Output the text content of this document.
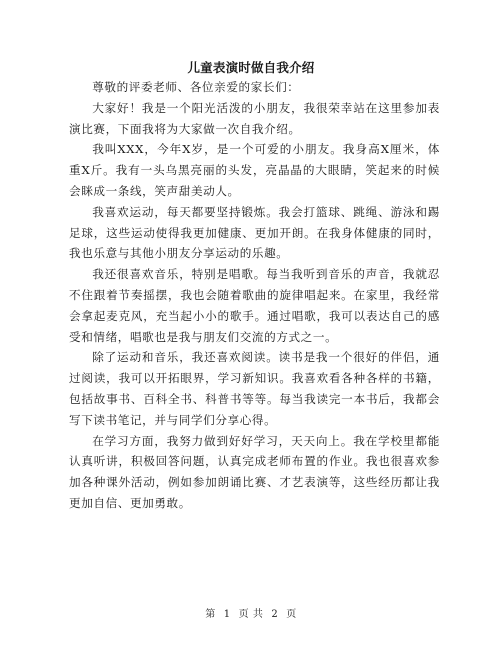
儿童表演时做自我介绍

尊敬的评委老师、各位亲爱的家长们：

大家好！我是一个阳光活泼的小朋友，我很荣幸站在这里参加表演比赛，下面我将为大家做一次自我介绍。

我叫XXX，今年X岁，是一个可爱的小朋友。我身高X厘米，体重X斤。我有一头乌黑亮丽的头发，亮晶晶的大眼睛，笑起来的时候会眯成一条线，笑声甜美动人。

我喜欢运动，每天都要坚持锻炼。我会打篮球、跳绳、游泳和踢足球，这些运动使得我更加健康、更加开朗。在我身体健康的同时，我也乐意与其他小朋友分享运动的乐趣。

我还很喜欢音乐，特别是唱歌。每当我听到音乐的声音，我就忍不住跟着节奏摇摆，我也会随着歌曲的旋律唱起来。在家里，我经常会拿起麦克风，充当起小小的歌手。通过唱歌，我可以表达自己的感受和情绪，唱歌也是我与朋友们交流的方式之一。

除了运动和音乐，我还喜欢阅读。读书是我一个很好的伴侣，通过阅读，我可以开拓眼界，学习新知识。我喜欢看各种各样的书籍，包括故事书、百科全书、科普书等等。每当我读完一本书后，我都会写下读书笔记，并与同学们分享心得。

在学习方面，我努力做到好好学习，天天向上。我在学校里都能认真听讲，积极回答问题，认真完成老师布置的作业。我也很喜欢参加各种课外活动，例如参加朗诵比赛、才艺表演等，这些经历都让我更加自信、更加勇敢。

第 1 页 共 2 页
